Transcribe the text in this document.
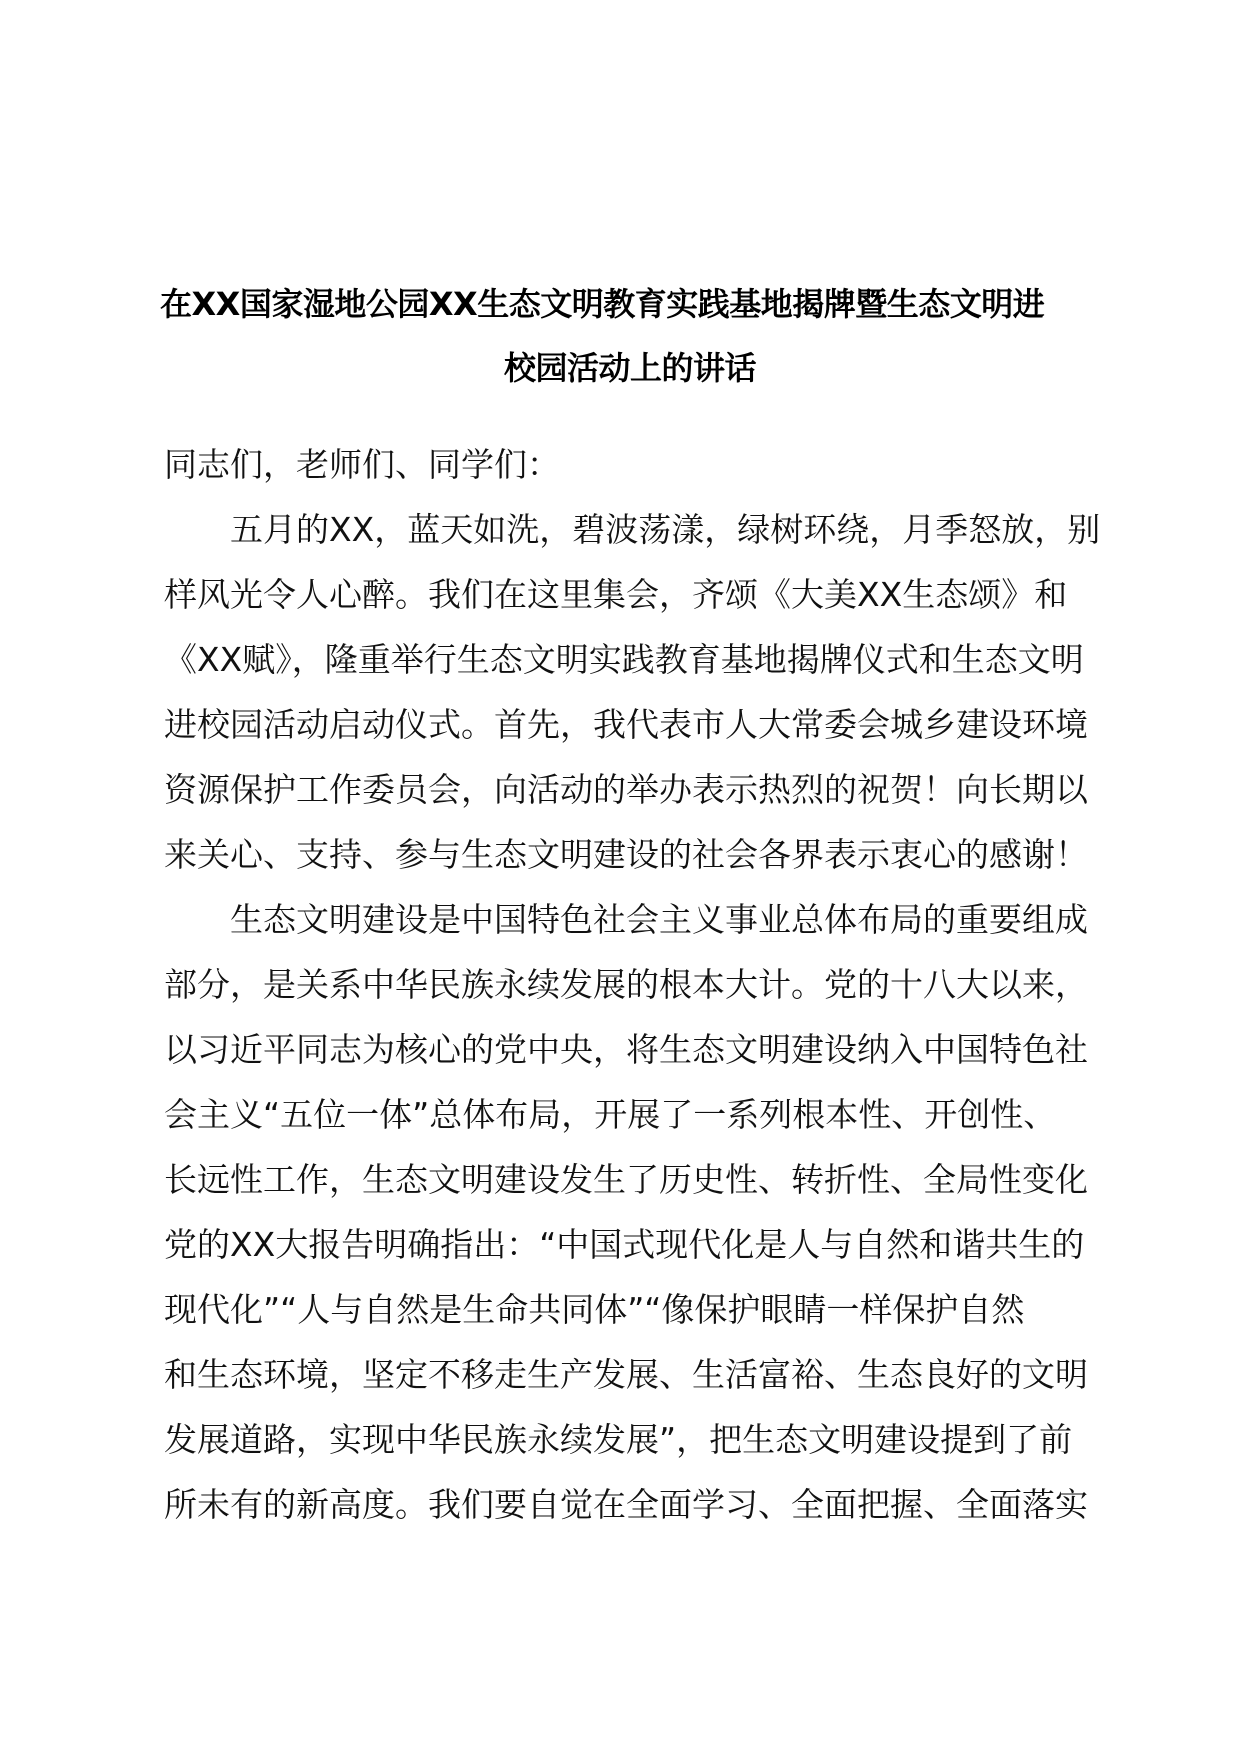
在XX国家湿地公园XX生态文明教育实践基地揭牌暨生态文明进
校园活动上的讲话
同志们，老师们、同学们：
五月的XX，蓝天如洗，碧波荡漾，绿树环绕，月季怒放，别
样风光令人心醉。我们在这里集会，齐颂《大美XX生态颂》和
《XX赋》，隆重举行生态文明实践教育基地揭牌仪式和生态文明
进校园活动启动仪式。首先，我代表市人大常委会城乡建设环境
资源保护工作委员会，向活动的举办表示热烈的祝贺！向长期以
来关心、支持、参与生态文明建设的社会各界表示衷心的感谢！
生态文明建设是中国特色社会主义事业总体布局的重要组成
部分，是关系中华民族永续发展的根本大计。党的十八大以来，
以习近平同志为核心的党中央，将生态文明建设纳入中国特色社
会主义“五位一体”总体布局，开展了一系列根本性、开创性、
长远性工作，生态文明建设发生了历史性、转折性、全局性变化
党的XX大报告明确指出：“中国式现代化是人与自然和谐共生的
现代化”“人与自然是生命共同体”“像保护眼睛一样保护自然
和生态环境，坚定不移走生产发展、生活富裕、生态良好的文明
发展道路，实现中华民族永续发展”，把生态文明建设提到了前
所未有的新高度。我们要自觉在全面学习、全面把握、全面落实
